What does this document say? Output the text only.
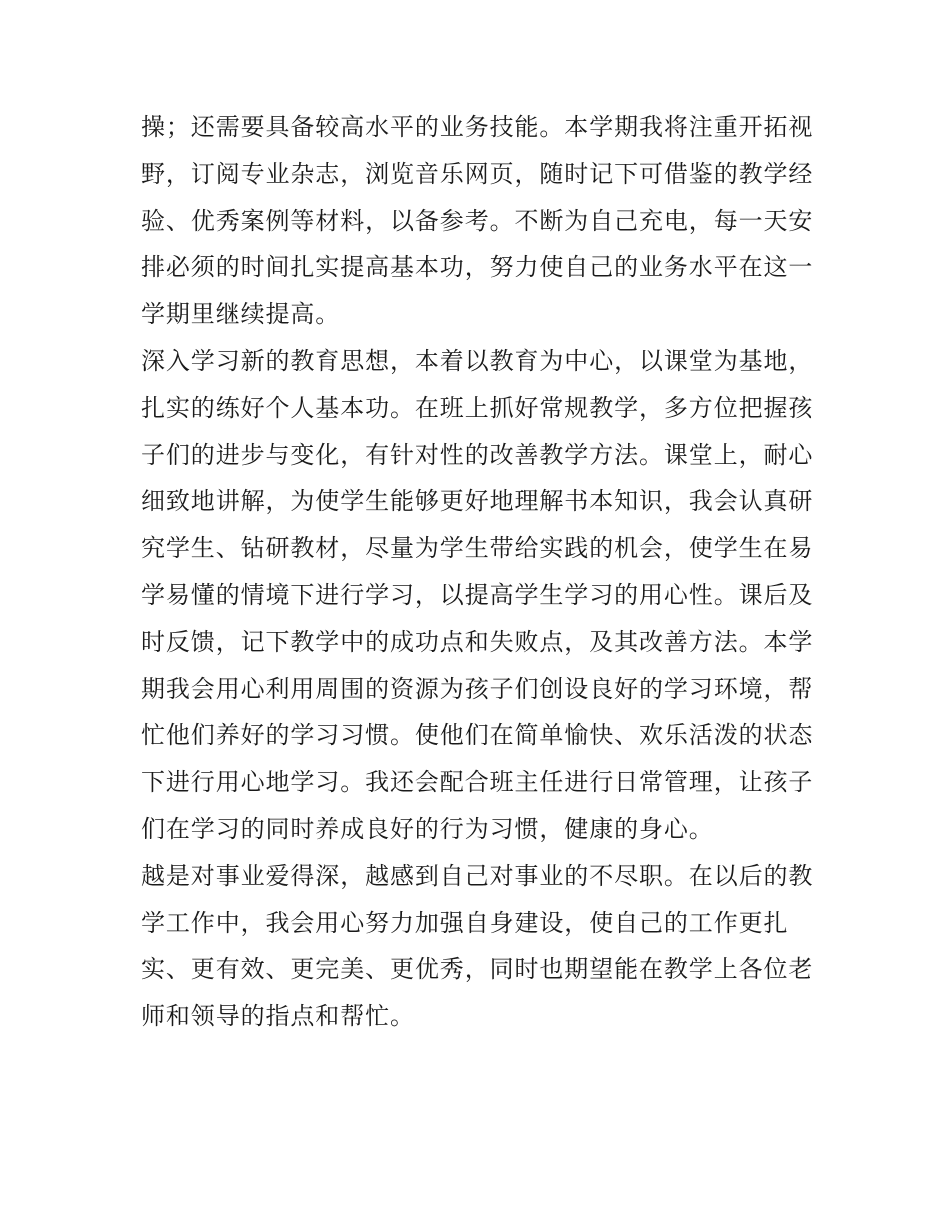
操；还需要具备较高水平的业务技能。本学期我将注重开拓视
野，订阅专业杂志，浏览音乐网页，随时记下可借鉴的教学经
验、优秀案例等材料，以备参考。不断为自己充电，每一天安
排必须的时间扎实提高基本功，努力使自己的业务水平在这一
学期里继续提高。
深入学习新的教育思想，本着以教育为中心，以课堂为基地，
扎实的练好个人基本功。在班上抓好常规教学，多方位把握孩
子们的进步与变化，有针对性的改善教学方法。课堂上，耐心
细致地讲解，为使学生能够更好地理解书本知识，我会认真研
究学生、钻研教材，尽量为学生带给实践的机会，使学生在易
学易懂的情境下进行学习，以提高学生学习的用心性。课后及
时反馈，记下教学中的成功点和失败点，及其改善方法。本学
期我会用心利用周围的资源为孩子们创设良好的学习环境，帮
忙他们养好的学习习惯。使他们在简单愉快、欢乐活泼的状态
下进行用心地学习。我还会配合班主任进行日常管理，让孩子
们在学习的同时养成良好的行为习惯，健康的身心。
越是对事业爱得深，越感到自己对事业的不尽职。在以后的教
学工作中，我会用心努力加强自身建设，使自己的工作更扎
实、更有效、更完美、更优秀，同时也期望能在教学上各位老
师和领导的指点和帮忙。
